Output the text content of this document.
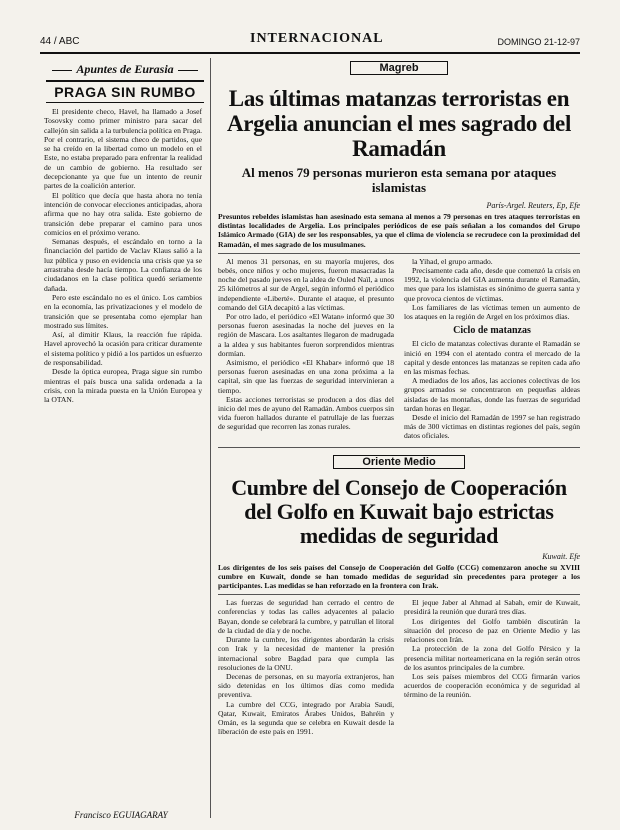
44 / ABC	INTERNACIONAL	DOMINGO 21-12-97
Apuntes de Eurasia
PRAGA SIN RUMBO

El presidente checo, Havel, ha llamado a Josef Tosovsky como primer ministro para sacar del callejón sin salida a la turbulencia política en Praga. Por el contrario, el sistema checo de partidos, que se ha creído en la libertad como un modelo en el Este, no estaba preparado para enfrentar la realidad de un cambio de gobierno. Ha resultado ser decepcionante ya que fue un intento de reunir partes de la coalición anterior.

El político que decía que hasta ahora no tenía intención de convocar elecciones anticipadas, ahora afirma que no hay otra salida. Este gobierno de transición debe preparar el camino para unos comicios en el próximo verano.

Semanas después, el escándalo en torno a la financiación del partido de Vaclav Klaus salió a la luz pública y puso en evidencia una crisis que ya se arrastraba desde hacía tiempo. La confianza de los ciudadanos en la clase política quedó seriamente dañada.

Pero este escándalo no es el único. Los cambios en la economía, las privatizaciones y el modelo de transición que se presentaba como ejemplar han mostrado sus límites.

Así, al dimitir Klaus, la reacción fue rápida. Havel aprovechó la ocasión para criticar duramente el sistema político y pidió a los partidos un esfuerzo de responsabilidad.

Desde la óptica europea, Praga sigue sin rumbo mientras el país busca una salida ordenada a la crisis, con la mirada puesta en la Unión Europea y la OTAN.

Francisco EGUIAGARAY
Magreb
Las últimas matanzas terroristas en Argelia anuncian el mes sagrado del Ramadán
Al menos 79 personas murieron esta semana por ataques islamistas
París-Argel. Reuters, Ep, Efe
Presuntos rebeldes islamistas han asesinado esta semana al menos a 79 personas en tres ataques terroristas en distintas localidades de Argelia. Los principales periódicos de ese país señalan a los comandos del Grupo Islámico Armado (GIA) de ser los responsables, ya que el clima de violencia se recrudece con la proximidad del Ramadán, el mes sagrado de los musulmanes.

Al menos 31 personas, en su mayoría mujeres, dos bebés, once niños y ocho mujeres, fueron masacradas la noche del pasado jueves en la aldea de Ouled Naïl, a unos 25 kilómetros al sur de Argel, según informó el periódico independiente «Liberté». Durante el ataque, el presunto comando del GIA decapitó a las víctimas.

Por otro lado, el periódico «El Watan» informó que 30 personas fueron asesinadas la noche del jueves en la región de Mascara. Los asaltantes llegaron de madrugada a la aldea y sus habitantes fueron sorprendidos mientras dormían.

Asimismo, el periódico «El Khabar» informó que 18 personas fueron asesinadas en una zona próxima a la capital, sin que las fuerzas de seguridad intervinieran a tiempo.

Estas acciones terroristas se producen a dos días del inicio del mes de ayuno del Ramadán. Ambos cuerpos sin vida fueron hallados durante el patrullaje de las fuerzas de seguridad que recorren las zonas rurales.

la Yihad, el grupo armado.

Precisamente cada año, desde que comenzó la crisis en 1992, la violencia del GIA aumenta durante el Ramadán, mes que para los islamistas es sinónimo de guerra santa y que provoca cientos de víctimas.

Los familiares de las víctimas temen un aumento de los ataques en la región de Argel en los próximos días.

Ciclo de matanzas

El ciclo de matanzas colectivas durante el Ramadán se inició en 1994 con el atentado contra el mercado de la capital y desde entonces las matanzas se repiten cada año en las mismas fechas.

A mediados de los años, las acciones colectivas de los grupos armados se concentraron en pequeñas aldeas aisladas de las montañas, donde las fuerzas de seguridad tardan horas en llegar.

Desde el inicio del Ramadán de 1997 se han registrado más de 300 víctimas en distintas regiones del país, según datos oficiales.

Oriente Medio
Cumbre del Consejo de Cooperación del Golfo en Kuwait bajo estrictas medidas de seguridad
Kuwait. Efe
Los dirigentes de los seis países del Consejo de Cooperación del Golfo (CCG) comenzaron anoche su XVIII cumbre en Kuwait, donde se han tomado medidas de seguridad sin precedentes para proteger a los participantes. Las medidas se han reforzado en la frontera con Irak.

Las fuerzas de seguridad han cerrado el centro de conferencias y todas las calles adyacentes al palacio Bayan, donde se celebrará la cumbre, y patrullan el litoral de la ciudad de día y de noche.

Durante la cumbre, los dirigentes abordarán la crisis con Irak y la necesidad de mantener la presión internacional sobre Bagdad para que cumpla las resoluciones de la ONU.

Decenas de personas, en su mayoría extranjeros, han sido detenidas en los últimos días como medida preventiva.

La cumbre del CCG, integrado por Arabia Saudí, Qatar, Kuwait, Emiratos Árabes Unidos, Bahréin y Omán, es la segunda que se celebra en Kuwait desde la liberación de este país en 1991.

El jeque Jaber al Ahmad al Sabah, emir de Kuwait, presidirá la reunión que durará tres días.

Los dirigentes del Golfo también discutirán la situación del proceso de paz en Oriente Medio y las relaciones con Irán.

La protección de la zona del Golfo Pérsico y la presencia militar norteamericana en la región serán otros de los asuntos principales de la cumbre.

Los seis países miembros del CCG firmarán varios acuerdos de cooperación económica y de seguridad al término de la reunión.
